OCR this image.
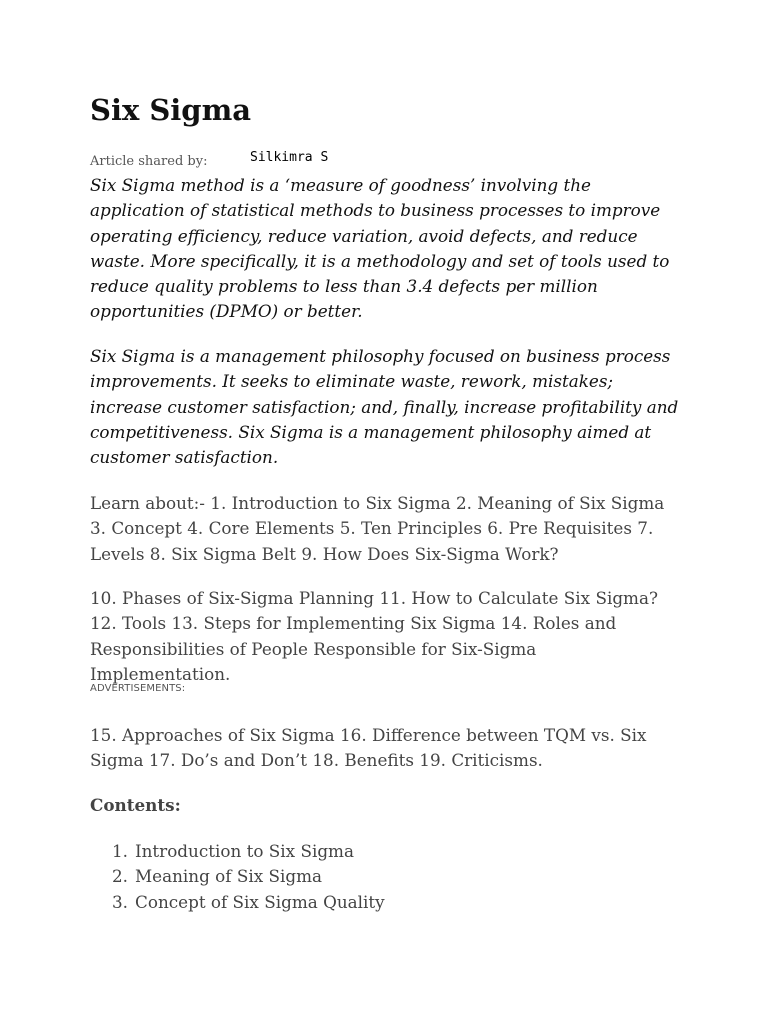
Six Sigma
Article shared by:	Silkimra S

Six Sigma method is a ‘measure of goodness’ involving the application of statistical methods to business processes to improve operating efficiency, reduce variation, avoid defects, and reduce waste. More specifically, it is a methodology and set of tools used to reduce quality problems to less than 3.4 defects per million opportunities (DPMO) or better.

Six Sigma is a management philosophy focused on business process improvements. It seeks to eliminate waste, rework, mistakes; increase customer satisfaction; and, finally, increase profitability and competitiveness. Six Sigma is a management philosophy aimed at customer satisfaction.

Learn about:- 1. Introduction to Six Sigma 2. Meaning of Six Sigma 3. Concept 4. Core Elements 5. Ten Principles 6. Pre Requisites 7. Levels 8. Six Sigma Belt 9. How Does Six-Sigma Work?

10. Phases of Six-Sigma Planning 11. How to Calculate Six Sigma? 12. Tools 13. Steps for Implementing Six Sigma 14. Roles and Responsibilities of People Responsible for Six-Sigma Implementation.

ADVERTISEMENTS:

15. Approaches of Six Sigma 16. Difference between TQM vs. Six Sigma 17. Do’s and Don’t 18. Benefits 19. Criticisms.

Contents:
1. Introduction to Six Sigma
2. Meaning of Six Sigma
3. Concept of Six Sigma Quality
